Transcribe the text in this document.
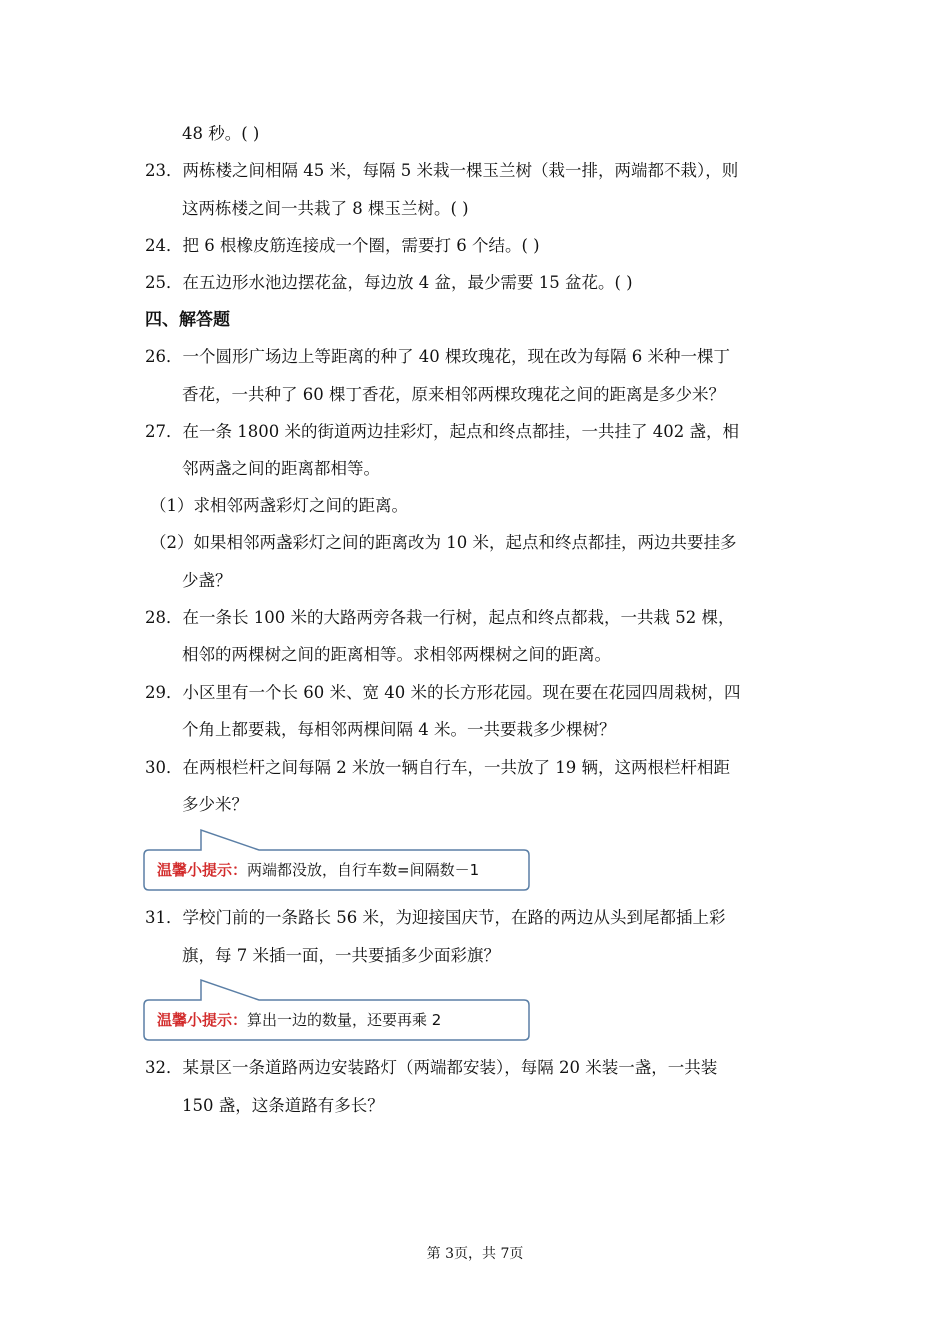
48 秒。( )
23．两栋楼之间相隔 45 米，每隔 5 米栽一棵玉兰树（栽一排，两端都不栽），则
这两栋楼之间一共栽了 8 棵玉兰树。( )
24．把 6 根橡皮筋连接成一个圈，需要打 6 个结。( )
25．在五边形水池边摆花盆，每边放 4 盆，最少需要 15 盆花。( )
四、解答题
26．一个圆形广场边上等距离的种了 40 棵玫瑰花，现在改为每隔 6 米种一棵丁
香花，一共种了 60 棵丁香花，原来相邻两棵玫瑰花之间的距离是多少米？
27．在一条 1800 米的街道两边挂彩灯，起点和终点都挂，一共挂了 402 盏，相
邻两盏之间的距离都相等。
（1）求相邻两盏彩灯之间的距离。
（2）如果相邻两盏彩灯之间的距离改为 10 米，起点和终点都挂，两边共要挂多
少盏？
28．在一条长 100 米的大路两旁各栽一行树，起点和终点都栽，一共栽 52 棵，
相邻的两棵树之间的距离相等。求相邻两棵树之间的距离。
29．小区里有一个长 60 米、宽 40 米的长方形花园。现在要在花园四周栽树，四
个角上都要栽，每相邻两棵间隔 4 米。一共要栽多少棵树？
30．在两根栏杆之间每隔 2 米放一辆自行车，一共放了 19 辆，这两根栏杆相距
多少米？
温馨小提示：两端都没放，自行车数=间隔数－1
31．学校门前的一条路长 56 米，为迎接国庆节，在路的两边从头到尾都插上彩
旗，每 7 米插一面，一共要插多少面彩旗？
温馨小提示：算出一边的数量，还要再乘 2
32．某景区一条道路两边安装路灯（两端都安装），每隔 20 米装一盏，一共装
150 盏，这条道路有多长？
第 3页，共 7页
